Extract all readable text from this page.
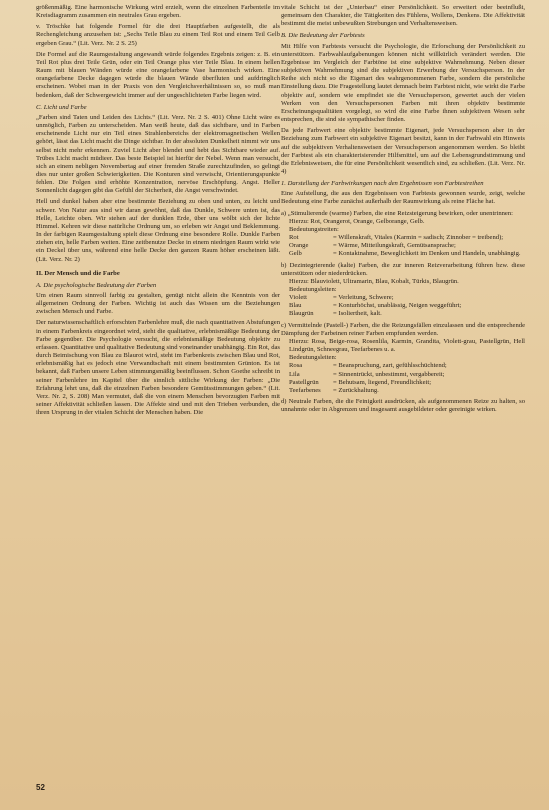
größenmäßig. Eine harmonische Wirkung wird erzielt, wenn die einzelnen Farbenteile im Kreisdiagramm zusammen ein neutrales Grau ergeben.

v. Tröschke hat folgende Formel für die drei Hauptfarben aufgestellt, die als Rechengleichung anzusehen ist: „Sechs Teile Blau zu einem Teil Rot und einem Teil Gelb ergeben Grau.“ (Lit. Verz. Nr. 2 S. 25)

Die Formel auf die Raumgestaltung angewandt würde folgendes Ergebnis zeigen: z. B. ein Teil Rot plus drei Teile Grün, oder ein Teil Orange plus vier Teile Blau. In einem hellen Raum mit blauen Wänden würde eine orangefarbene Vase harmonisch wirken. Eine orangefarbene Decke dagegen würde die blauen Wände überfluten und aufdringlich erscheinen. Wobei man in der Praxis von den Vergleichsverhältnissen so, so muß man bedenken, daß der Schwergewicht immer auf der ungeschlichteten Farbe liegen wird.

C. Licht und Farbe

„Farben sind Taten und Leiden des Lichts.“ (Lit. Verz. Nr. 2 S. 401) Ohne Licht wäre es unmöglich, Farben zu unterscheiden. Man weiß heute, daß das sichtbare, und in Farben erscheinende Licht nur ein Teil eines Strahlenbereichs der elektromagnetischen Wellen gehört, lässt das Licht macht die Dinge sichtbar. In der absoluten Dunkelheit nimmt wir uns selbst nicht mehr erkennen. Zuviel Licht aber blendet und hebt das Sichtbare wieder auf. Trübes Licht macht müdieer. Das beste Beispiel ist hierfür der Nebel. Wenn man versucht, sich an einem nebligen Novembertag auf einer fremden Straße zurechtzufinden, so gelingt dies nur unter großen Schwierigkeiten. Die Konturen sind verwischt, Orientierungspunkte fehlen. Die Folgen sind erhöhte Konzentration, nervöse Erschöpfung. Angst. Heller Sonnenlicht dagegen gibt das Gefühl der Sicherheit, die Angst verschwindet.

Hell und dunkel haben aber eine bestimmte Beziehung zu oben und unten, zu leicht und schwer. Von Natur aus sind wir daran gewöhnt, daß das Dunkle, Schwere unten ist, das Helle, Leichte oben. Wir stehen auf der dunklen Erde, über uns wölbt sich der lichte Himmel. Kehren wir diese natürliche Ordnung um, so erleben wir Angst und Beklemmung. In der farbigen Raumgestaltung spielt diese Ordnung eine besondere Rolle. Dunkle Farben ziehen ein, helle Farben weiten. Eine zeitbenutze Decke in einem niedrigen Raum wirkt wie ein Deckel über uns, während eine helle Decke den ganzen Raum höher erscheinen läßt. (Lit. Verz. Nr. 2)

II. Der Mensch und die Farbe

A. Die psychologische Bedeutung der Farben

Um einen Raum sinnvoll farbig zu gestalten, genügt nicht allein die Kenntnis von der allgemeinen Ordnung der Farben. Wichtig ist auch das Wissen um die Beziehungen zwischen Mensch und Farbe.

Der naturwissenschaftlich erforschten Farbenlehre muß, die nach quantitativen Abstufungen in einem Farbenkreis eingeordnet wird, steht die qualitative, erlebnismäßige Bedeutung der Farbe gegenüber. Die Psychologie versucht, die erlebnismäßige Bedeutung objektiv zu erfassen. Quantitative und qualitative Bedeutung sind voneinander unabhängig. Ein Rot, das durch Beimischung von Blau zu Blaurot wird, steht im Farbenkreis zwischen Blau und Rot, erlebnismäßig hat es jedoch eine Verwandtschaft mit einem bestimmten Grünton. Es ist bekannt, daß Farben unsere Leben stimmungsmäßig beeinflussen. Schon Goethe schreibt in seiner Farbenlehre im Kapitel über die sinnlich sittliche Wirkung der Farben: „Die Erfahrung lehrt uns, daß die einzelnen Farben besondere Gemütsstimmungen geben.“ (Lit. Verz. Nr. 2, S. 208) Man vermutet, daß die von einem Menschen bevorzugten Farben mit seiner Affektivität schließen lassen. Die Affekte sind und mit den Trieben verbunden, die ihren Ursprung in der vitalen Schicht der Menschen haben. Die

vitale Schicht ist der „Unterbau“ einer Persönlichkeit. So erweitert oder beeinflußt, gemeinsam den Charakter, die Tätigkeiten des Fühlens, Wollens, Denkens. Die Affektivität bestimmt die meist unbewußten Strebungen und Verhaltensweisen.

B. Die Bedeutung der Farbtests

Mit Hilfe von Farbtests versucht die Psychologie, die Erforschung der Persönlichkeit zu unterstützen. Farbwahlaufgabenungen können nicht willkürlich verändert werden. Die Ergebnisse im Vergleich der Farbtöne ist eine subjektive Wahrnehmung. Neben dieser subjektiven Wahrnehmung sind die subjektiven Erwerbung der Versuchsperson. In der Reihe sich nicht so die Eigenart des wahrgenommenen Farbe, sondern die persönliche Einstellung dazu. Die Fragestellung lautet demnach beim Farbtest nicht, wie wirkt die Farbe objektiv auf, sondern wie empfindet sie die Versuchsperson, gewertet auch der vielen Werken von den Versuchspersonen Farben mit ihren objektiv bestimmte Erscheinungsqualitäten vorgelegt, so wird die eine Farbe ihnen subjektiven Wesen sehr entsprechen, die sind sie sympathischer finden.

Da jede Farbwert eine objektiv bestimmte Eigenart, jede Versuchsperson aber in der Beziehung zum Farbwert ein subjektive Eigenart besitzt, kann in der Farbwahl ein Hinweis auf die subjektiven Verhaltensweisen der Versuchsperson angenommen werden. So bleibt der Farbtest als ein charakterisierender Hilfsmittel, um auf die Lebensgrundstimmung und die Erlebnisweisen, die für eine Persönlichkeit wesentlich sind, zu schließen. (Lit. Verz. Nr. 4)

1. Darstellung der Farbwirkungen nach den Ergebnissen von Farbtestreihen

Eine Aufstellung, die aus den Ergebnissen von Farbtests gewonnen wurde, zeigt, welche Bedeutung eine Farbe zunächst außerhalb der Raumwirkung als reine Fläche hat.

a) „Stimulierende (warme) Farben, die eine Reizsteigerung bewirken, oder unentrinnen:

Hierzu: Rot, Orangerot, Orange, Gelborange, Gelb.

Bedeutungstreiten:

Rot	= Willenskraft, Vitales (Karmin = sadisch; Zinnober = treibend);
Orange	= Wärme, Mitteilungskraft, Gemütsansprache;
Gelb	= Kontaktnahme, Beweglichkeit im Denken und Handeln, unabhängig.

b) Dezintegrierende (kalte) Farben, die zur inneren Reizverarbeitung führen bzw. diese unterstützen oder niederdrücken.

Hierzu: Blauviolett, Ultramarin, Blau, Kobalt, Türkis, Blaugrün.

Bedeutungsleiten:

Violett	= Verleitung, Schwere;
Blau	= Konturhöchst, unablässig, Neigen weggeführt;
Blaugrün	= Isoliertheit, kalt.

c) Vermittelnde (Pastell-) Farben, die die Reizungsfällen einzulassen und die entsprechende Dämpfung der Farbeinen reiner Farben empfunden werden.

Hierzu: Rosa, Beige-rosa, Rosenlila, Karmin, Grandita, Violett-grau, Pastellgrün, Hell Lindgrün, Schneegrau, Teefarbenes u. a.

Bedeutungsleiten:

Rosa	= Beanspruchung, zart, gefühlsschüchtend;
Lila	= Sinnentrückt, unbestimmt, vergabbereit;
Pastellgrün	= Behutsam, liegend, Freundlichkeit;
Teefarbenes	= Zurückhaltung.

d) Neutrale Farben, die die Feinigkeit ausdrücken, als aufgenommenen Reize zu halten, so unnahmte oder in Abgrenzen und insgesamt ausgebildeter oder gereinigte wirken.

52
